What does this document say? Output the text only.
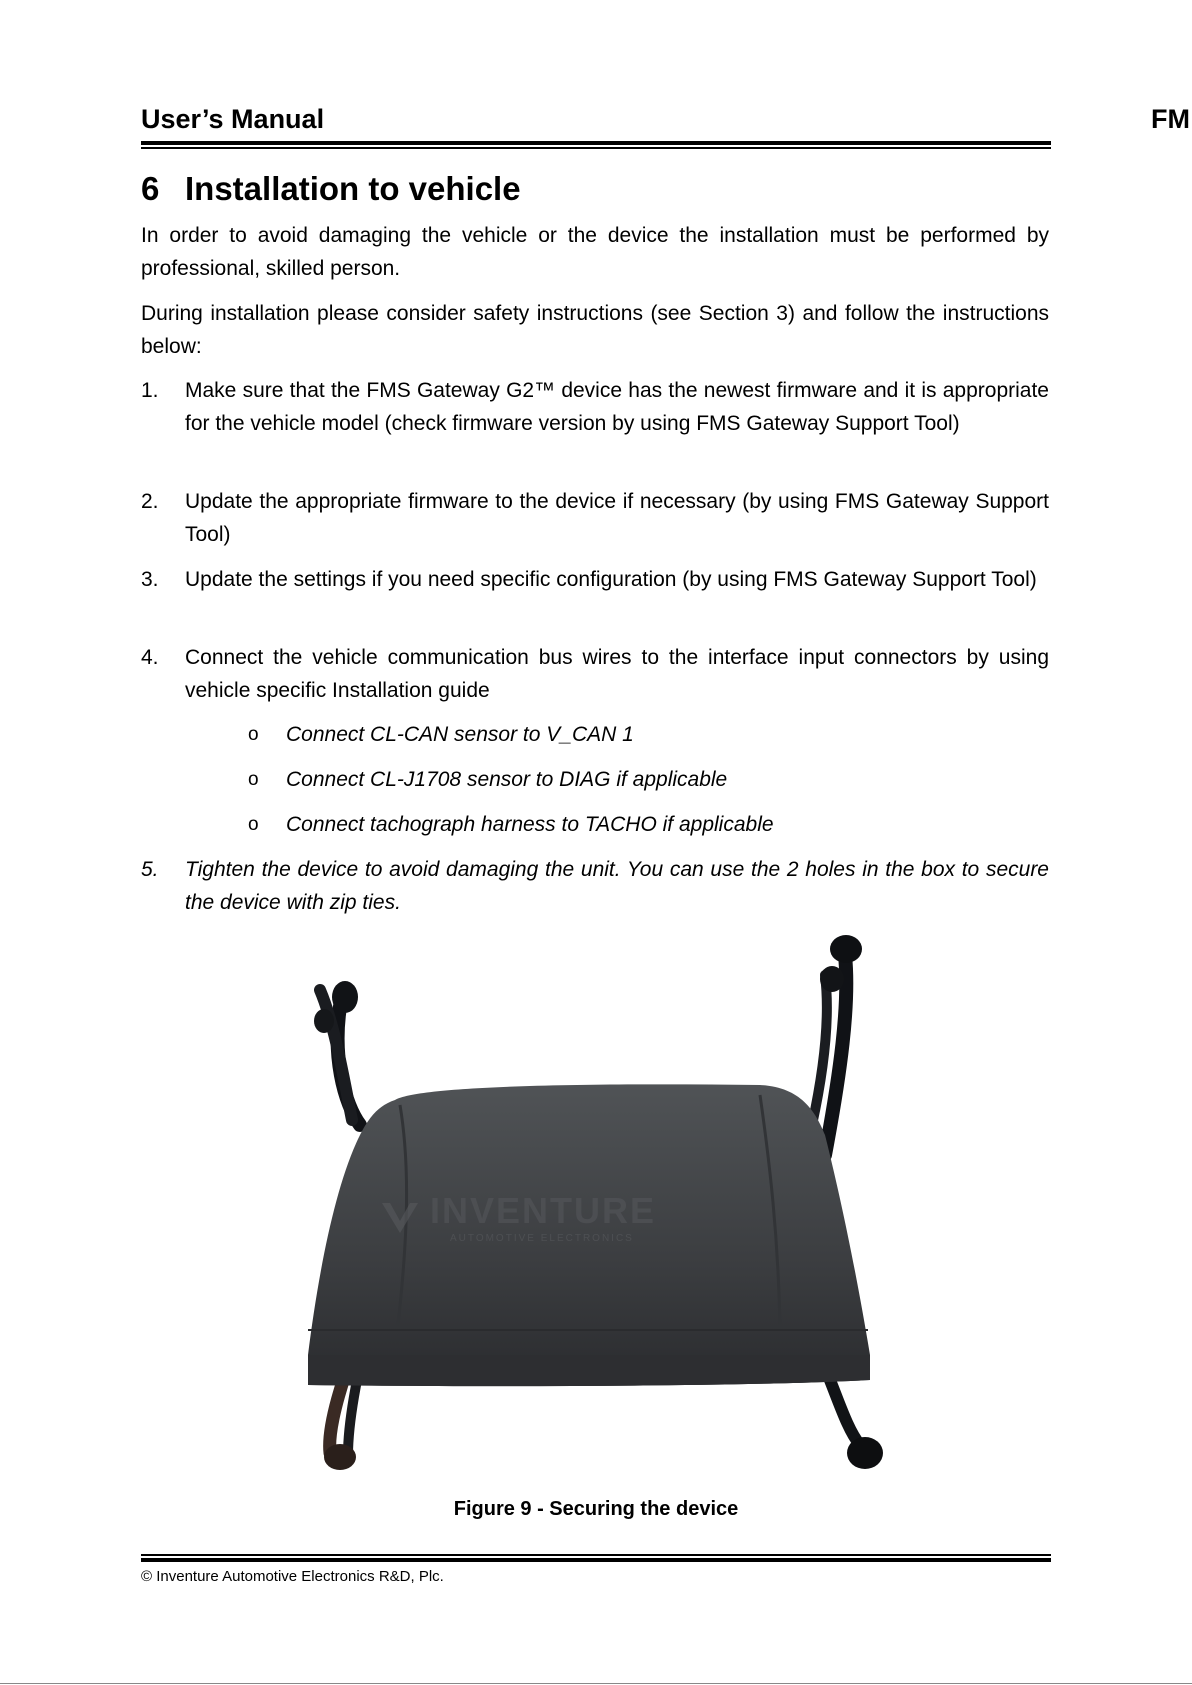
User’s Manual	FM
6 Installation to vehicle

In order to avoid damaging the vehicle or the device the installation must be performed by professional, skilled person.

During installation please consider safety instructions (see Section 3) and follow the instructions below:

1. Make sure that the FMS Gateway G2™ device has the newest firmware and it is appropriate for the vehicle model (check firmware version by using FMS Gateway Support Tool)
2. Update the appropriate firmware to the device if necessary (by using FMS Gateway Support Tool)
3. Update the settings if you need specific configuration (by using FMS Gateway Support Tool)
4. Connect the vehicle communication bus wires to the interface input connectors by using vehicle specific Installation guide
o Connect CL-CAN sensor to V_CAN 1
o Connect CL-J1708 sensor to DIAG if applicable
o Connect tachograph harness to TACHO if applicable
5. Tighten the device to avoid damaging the unit. You can use the 2 holes in the box to secure the device with zip ties.
INVENTURE
AUTOMOTIVE ELECTRONICS
Figure 9 - Securing the device
© Inventure Automotive Electronics R&D, Plc.
